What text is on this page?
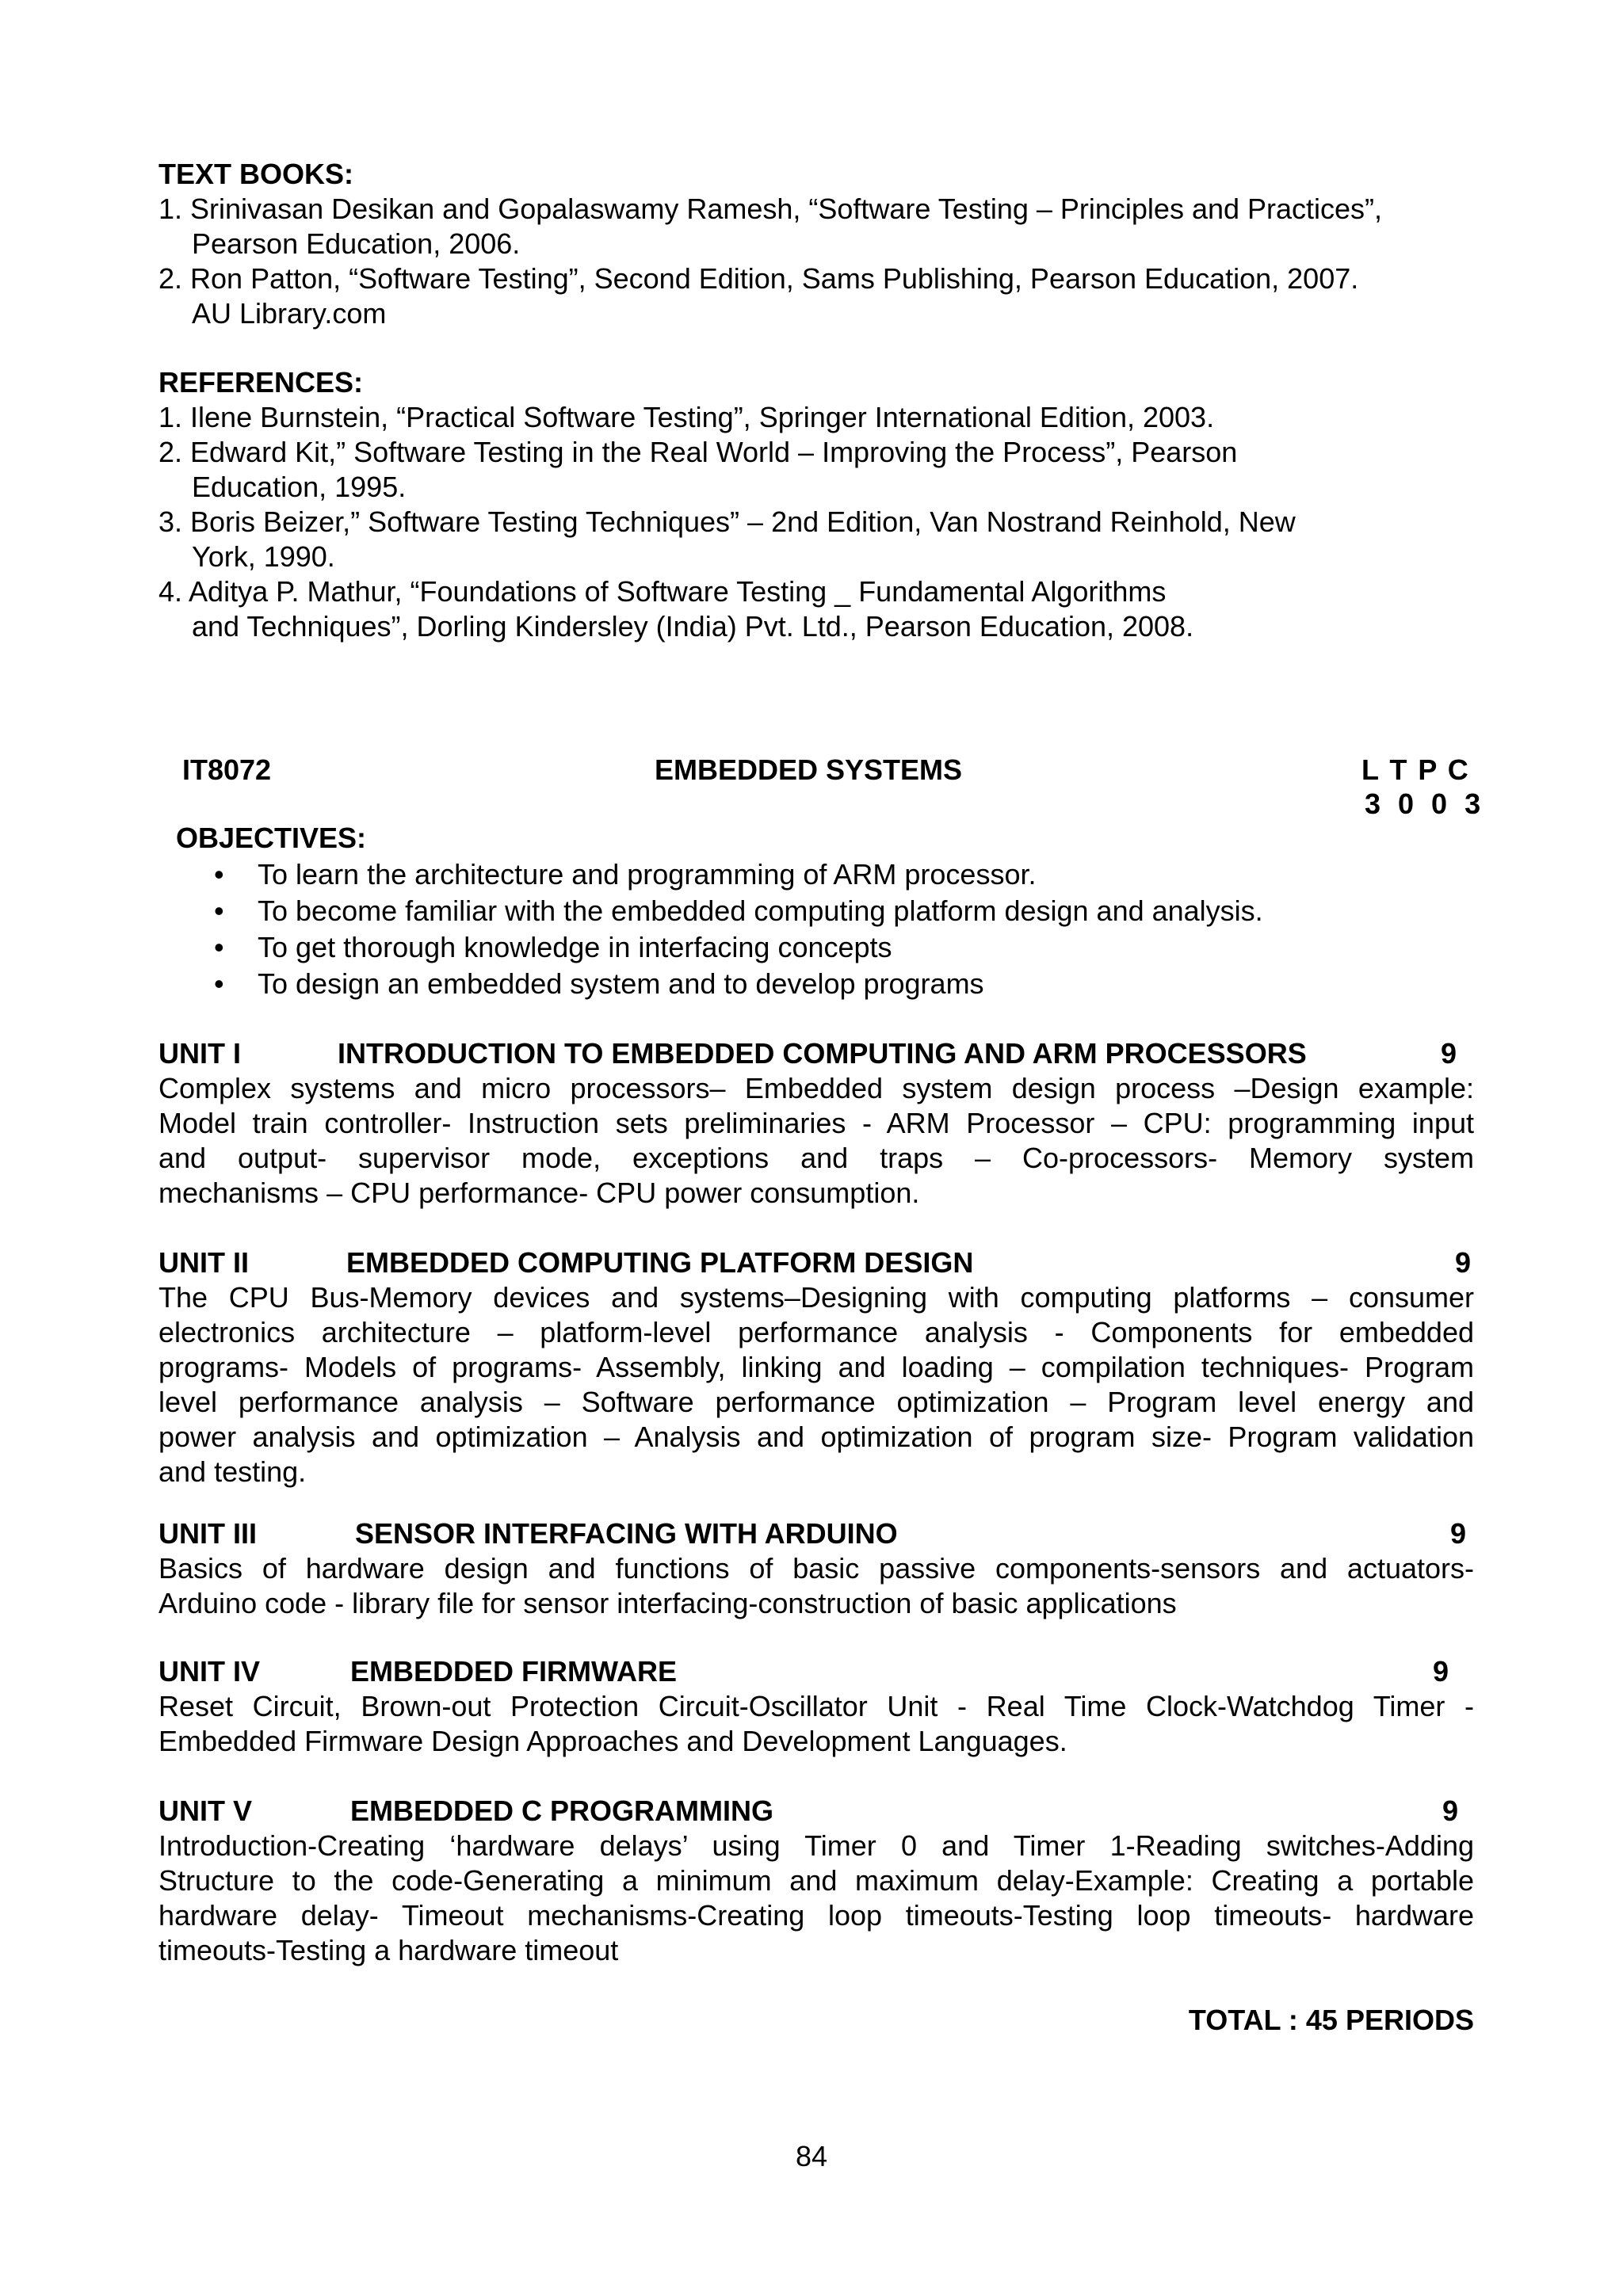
TEXT BOOKS:
1. Srinivasan Desikan and Gopalaswamy Ramesh, “Software Testing – Principles and Practices”,
Pearson Education, 2006.
2. Ron Patton, “Software Testing”, Second Edition, Sams Publishing, Pearson Education, 2007.
AU Library.com
REFERENCES:
1. Ilene Burnstein, “Practical Software Testing”, Springer International Edition, 2003.
2. Edward Kit,” Software Testing in the Real World – Improving the Process”, Pearson
Education, 1995.
3. Boris Beizer,” Software Testing Techniques” – 2nd Edition, Van Nostrand Reinhold, New
York, 1990.
4. Aditya P. Mathur, “Foundations of Software Testing _ Fundamental Algorithms
and Techniques”, Dorling Kindersley (India) Pvt. Ltd., Pearson Education, 2008.
IT8072	EMBEDDED SYSTEMS	L T P C
3 0 0 3
OBJECTIVES:
• To learn the architecture and programming of ARM processor.
• To become familiar with the embedded computing platform design and analysis.
• To get thorough knowledge in interfacing concepts
• To design an embedded system and to develop programs
UNIT I	INTRODUCTION TO EMBEDDED COMPUTING AND ARM PROCESSORS	9
Complex systems and micro processors– Embedded system design process –Design example:
Model train controller- Instruction sets preliminaries - ARM Processor – CPU: programming input
and output- supervisor mode, exceptions and traps – Co-processors- Memory system
mechanisms – CPU performance- CPU power consumption.
UNIT II	EMBEDDED COMPUTING PLATFORM DESIGN	9
The CPU Bus-Memory devices and systems–Designing with computing platforms – consumer
electronics architecture – platform-level performance analysis - Components for embedded
programs- Models of programs- Assembly, linking and loading – compilation techniques- Program
level performance analysis – Software performance optimization – Program level energy and
power analysis and optimization – Analysis and optimization of program size- Program validation
and testing.
UNIT III	SENSOR INTERFACING WITH ARDUINO	9
Basics of hardware design and functions of basic passive components-sensors and actuators-
Arduino code - library file for sensor interfacing-construction of basic applications
UNIT IV	EMBEDDED FIRMWARE	9
Reset Circuit, Brown-out Protection Circuit-Oscillator Unit - Real Time Clock-Watchdog Timer -
Embedded Firmware Design Approaches and Development Languages.
UNIT V	EMBEDDED C PROGRAMMING	9
Introduction-Creating ‘hardware delays’ using Timer 0 and Timer 1-Reading switches-Adding
Structure to the code-Generating a minimum and maximum delay-Example: Creating a portable
hardware delay- Timeout mechanisms-Creating loop timeouts-Testing loop timeouts- hardware
timeouts-Testing a hardware timeout
TOTAL : 45 PERIODS
84
